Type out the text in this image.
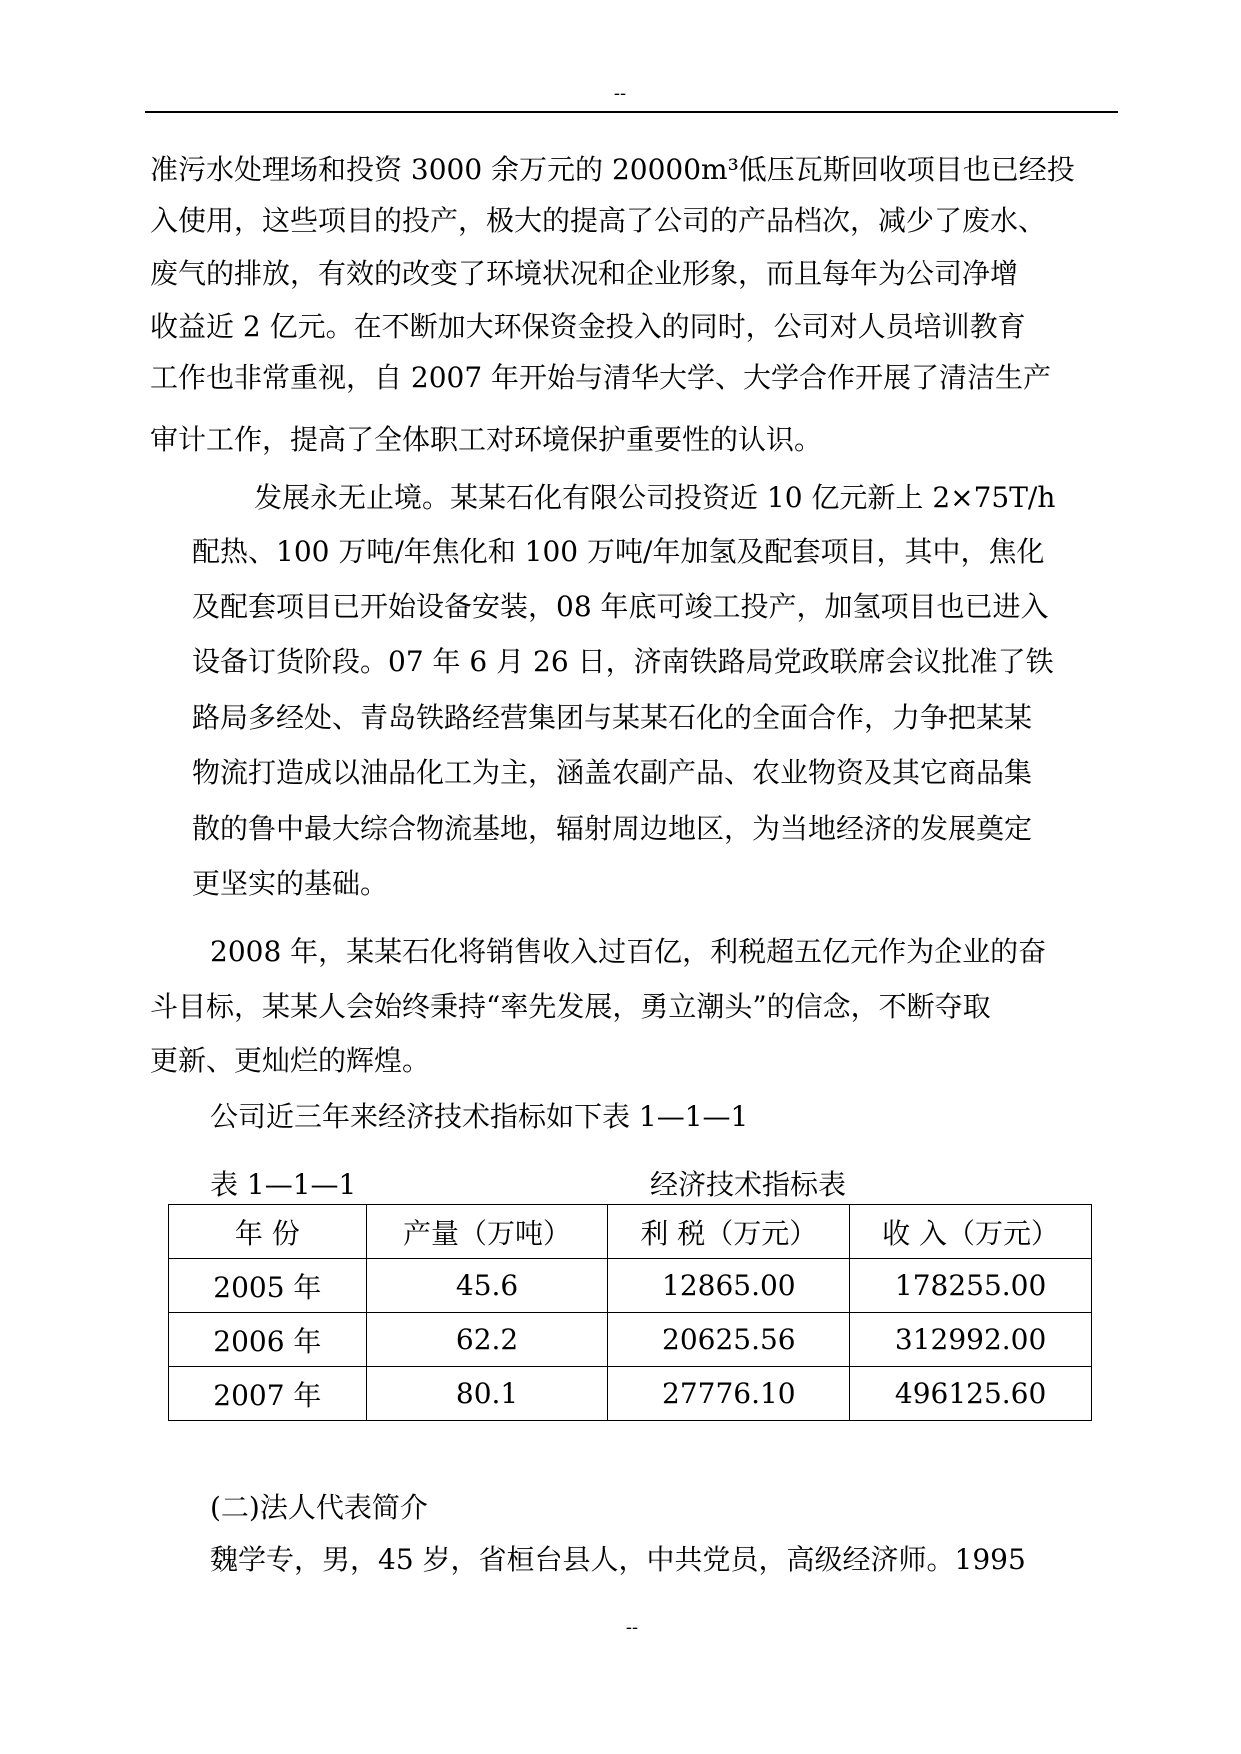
--
准污水处理场和投资 3000 余万元的 20000m³低压瓦斯回收项目也已经投
入使用，这些项目的投产，极大的提高了公司的产品档次，减少了废水、
废气的排放，有效的改变了环境状况和企业形象，而且每年为公司净增
收益近 2 亿元。在不断加大环保资金投入的同时，公司对人员培训教育
工作也非常重视，自 2007 年开始与清华大学、大学合作开展了清洁生产
审计工作，提高了全体职工对环境保护重要性的认识。
发展永无止境。某某石化有限公司投资近 10 亿元新上 2×75T/h
配热、100 万吨/年焦化和 100 万吨/年加氢及配套项目，其中，焦化
及配套项目已开始设备安装，08 年底可竣工投产，加氢项目也已进入
设备订货阶段。07 年 6 月 26 日，济南铁路局党政联席会议批准了铁
路局多经处、青岛铁路经营集团与某某石化的全面合作，力争把某某
物流打造成以油品化工为主，涵盖农副产品、农业物资及其它商品集
散的鲁中最大综合物流基地，辐射周边地区，为当地经济的发展奠定
更坚实的基础。
2008 年，某某石化将销售收入过百亿，利税超五亿元作为企业的奋
斗目标，某某人会始终秉持“率先发展，勇立潮头”的信念，不断夺取
更新、更灿烂的辉煌。
公司近三年来经济技术指标如下表 1—1—1
表 1—1—1	经济技术指标表
年 份	产量（万吨）	利 税（万元）	收 入（万元）
2005 年	45.6	12865.00	178255.00
2006 年	62.2	20625.56	312992.00
2007 年	80.1	27776.10	496125.60
(二)法人代表简介
魏学专，男，45 岁，省桓台县人，中共党员，高级经济师。1995
--
